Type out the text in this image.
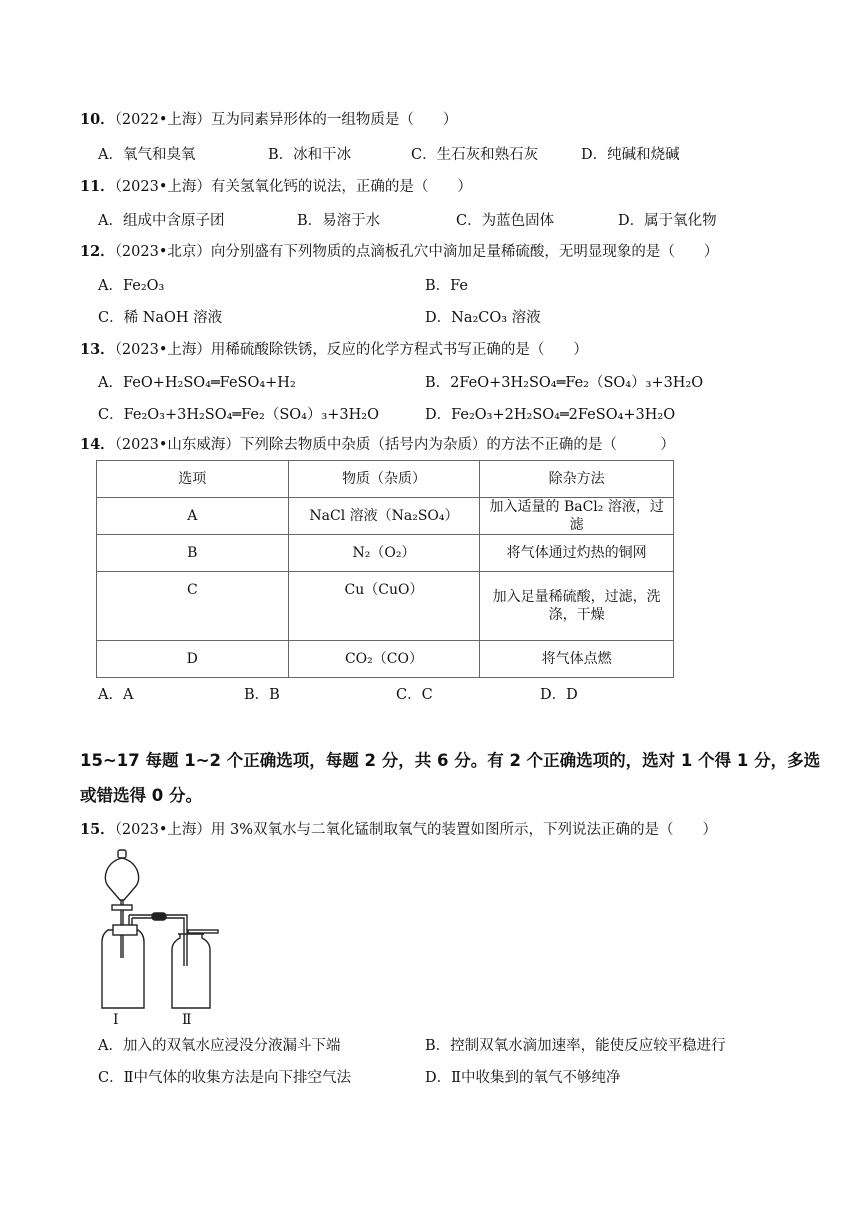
10．（2022•上海）互为同素异形体的一组物质是（　　）
A．氧气和臭氧	B．冰和干冰	C．生石灰和熟石灰	D．纯碱和烧碱
11．（2023•上海）有关氢氧化钙的说法，正确的是（　　）
A．组成中含原子团	B．易溶于水	C．为蓝色固体	D．属于氧化物
12．（2023•北京）向分别盛有下列物质的点滴板孔穴中滴加足量稀硫酸，无明显现象的是（　　）
A．Fe₂O₃	B．Fe
C．稀 NaOH 溶液	D．Na₂CO₃ 溶液
13．（2023•上海）用稀硫酸除铁锈，反应的化学方程式书写正确的是（　　）
A．FeO+H₂SO₄═FeSO₄+H₂	B．2FeO+3H₂SO₄═Fe₂（SO₄）₃+3H₂O
C．Fe₂O₃+3H₂SO₄═Fe₂（SO₄）₃+3H₂O	D．Fe₂O₃+2H₂SO₄═2FeSO₄+3H₂O
14．（2023•山东威海）下列除去物质中杂质（括号内为杂质）的方法不正确的是（　　　）
选项	物质（杂质）	除杂方法
A	NaCl 溶液（Na₂SO₄）	加入适量的 BaCl₂ 溶液，过滤
B	N₂（O₂）	将气体通过灼热的铜网
C	Cu（CuO）	加入足量稀硫酸，过滤，洗涤，干燥
D	CO₂（CO）	将气体点燃
A．A	B．B	C．C	D．D
15~17 每题 1~2 个正确选项，每题 2 分，共 6 分。有 2 个正确选项的，选对 1 个得 1 分，多选
或错选得 0 分。
15．（2023•上海）用 3%双氧水与二氧化锰制取氧气的装置如图所示，下列说法正确的是（　　）
Ⅰ	Ⅱ
A．加入的双氧水应浸没分液漏斗下端	B．控制双氧水滴加速率，能使反应较平稳进行
C．Ⅱ中气体的收集方法是向下排空气法	D．Ⅱ中收集到的氧气不够纯净
